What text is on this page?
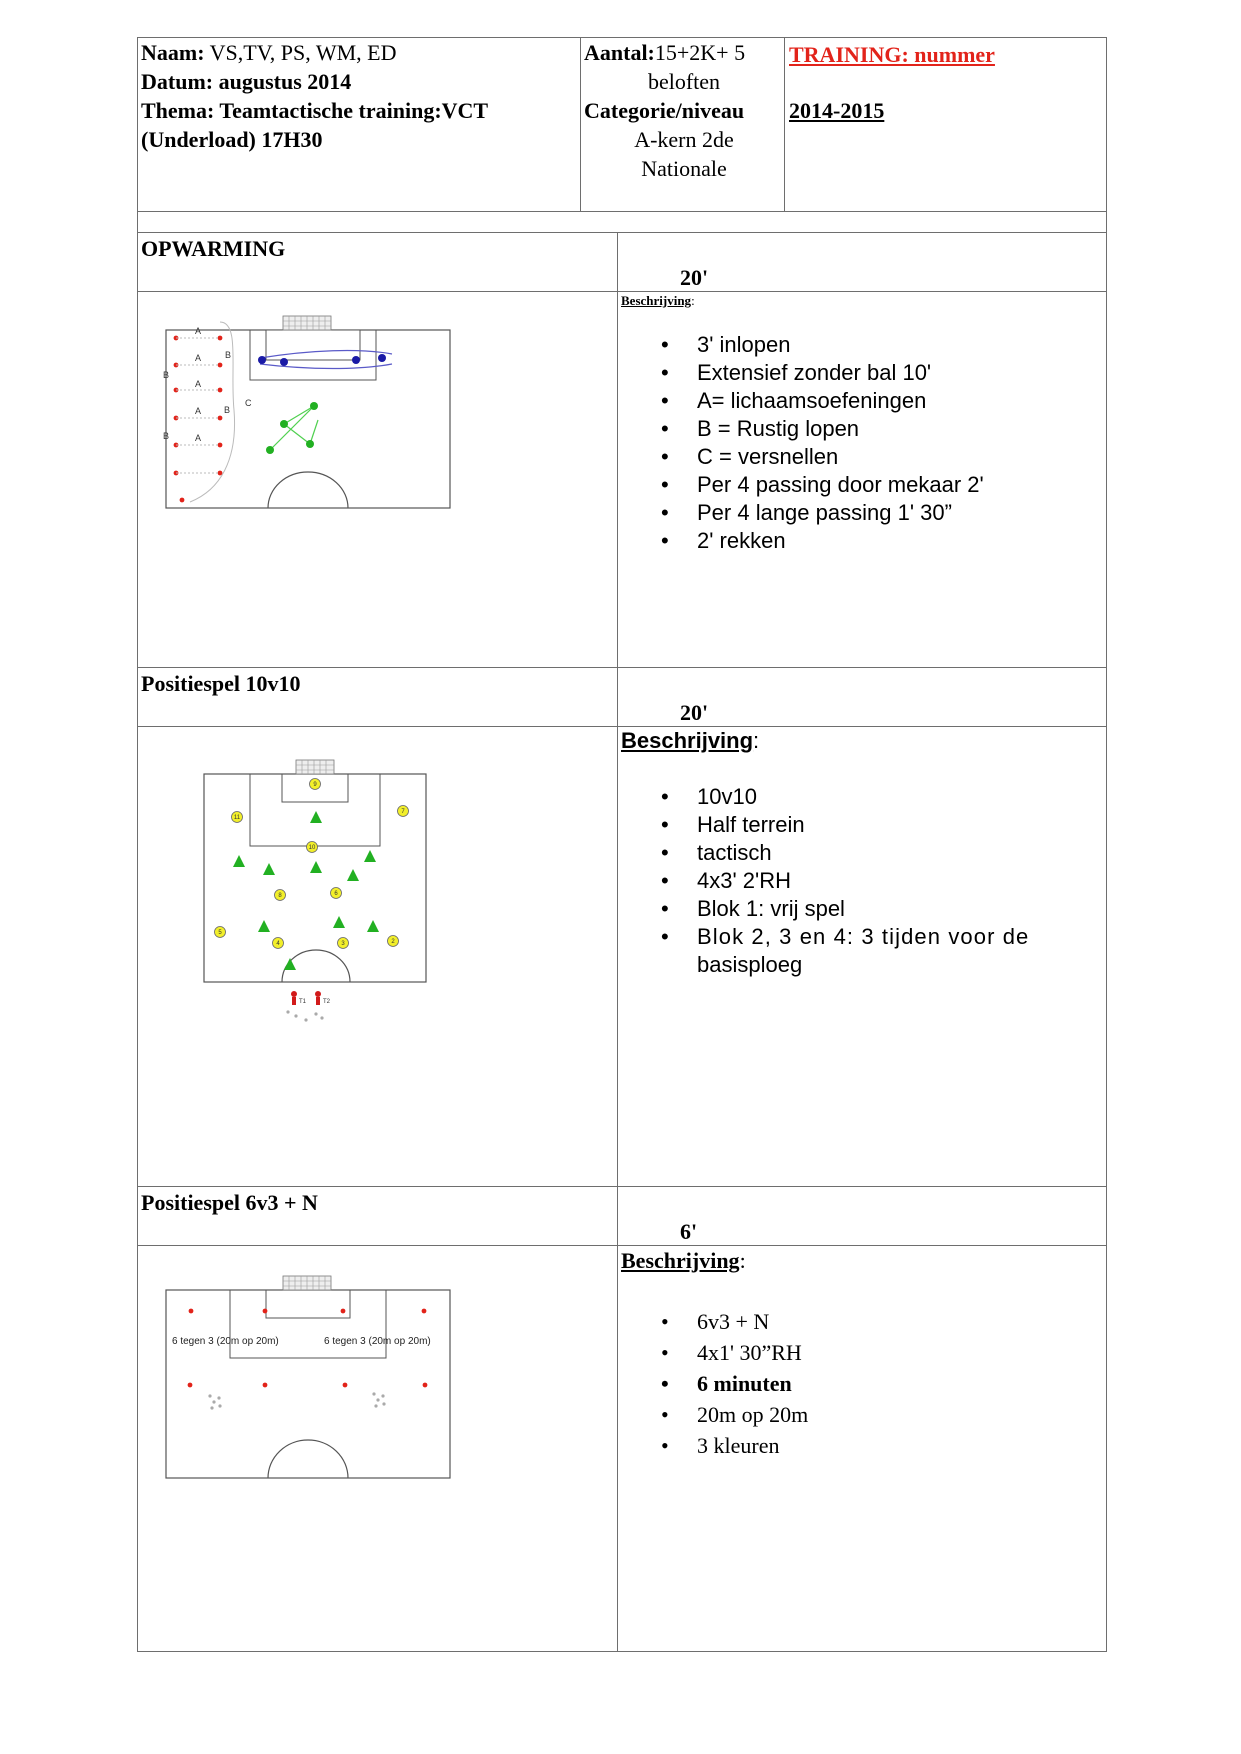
Naam: VS,TV, PS, WM, ED
Datum: augustus 2014
Thema: Teamtactische training:VCT
(Underload) 17H30
Aantal:15+2K+ 5
beloften
Categorie/niveau
A-kern 2de
Nationale
TRAINING: nummer
2014-2015
OPWARMING
20'
Beschrijving:
• 3' inlopen
• Extensief zonder bal 10'
• A= lichaamsoefeningen
• B = Rustig lopen
• C = versnellen
• Per 4 passing door mekaar 2'
• Per 4 lange passing 1' 30”
• 2' rekken
A
A
A
A
A
B
B
B
B
C
Positiespel 10v10
20'
Beschrijving:
• 10v10
• Half terrein
• tactisch
• 4x3' 2'RH
• Blok 1: vrij spel
• Blok 2, 3 en 4: 3 tijden voor de
basisploeg
9
11
7
10
8	6
5
4	3	2
T1	T2
Positiespel 6v3 + N
6'
Beschrijving:
• 6v3 + N
• 4x1' 30”RH
• 6 minuten
• 20m op 20m
• 3 kleuren
6 tegen 3 (20m op 20m)	6 tegen 3 (20m op 20m)
